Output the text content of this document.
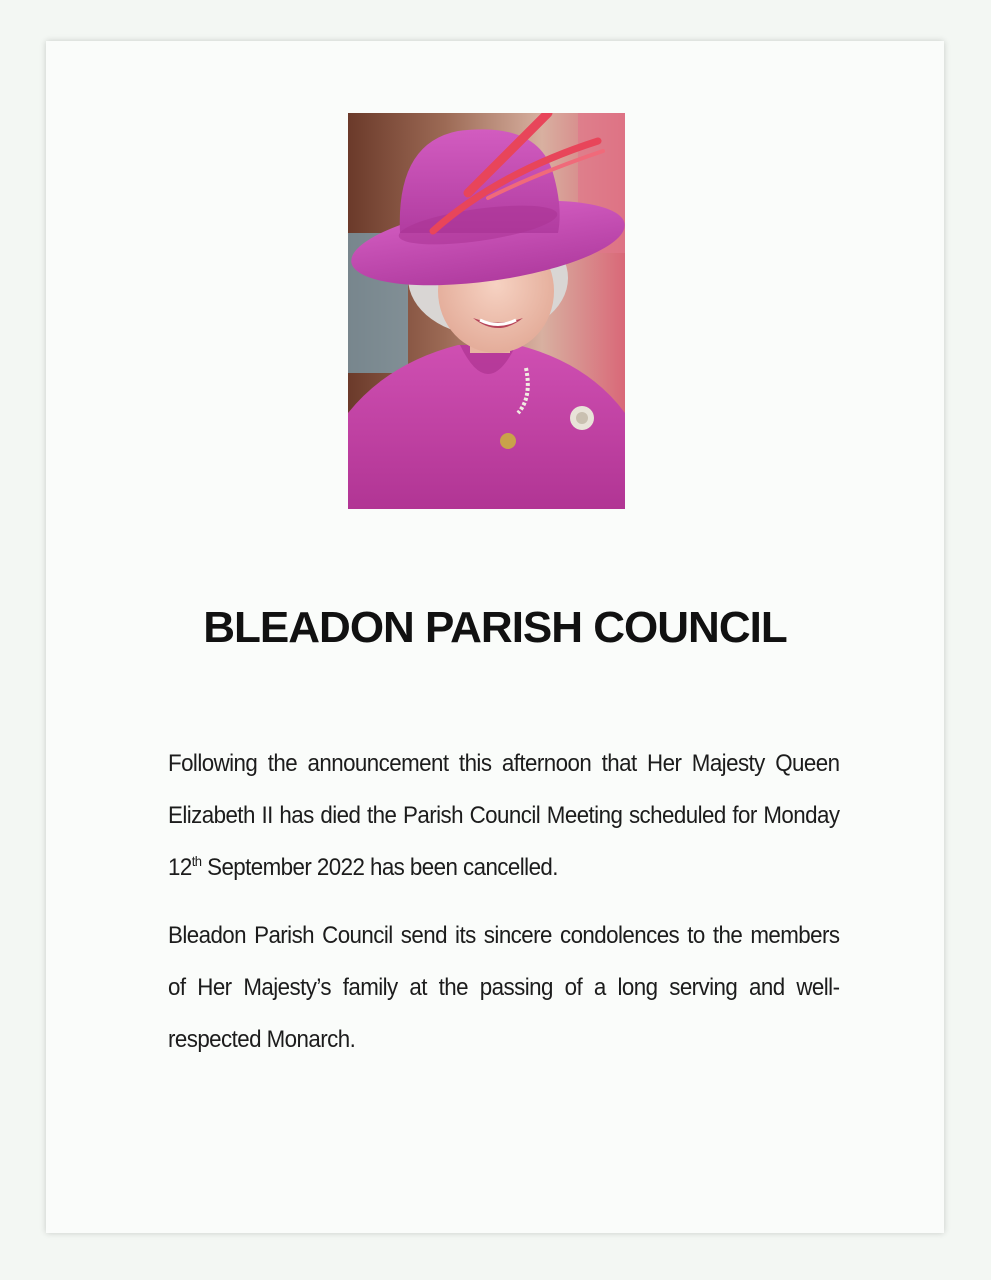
BLEADON PARISH COUNCIL

Following the announcement this afternoon that Her Majesty Queen Elizabeth II has died the Parish Council Meeting scheduled for Monday 12th September 2022 has been cancelled.

Bleadon Parish Council send its sincere condolences to the members of Her Majesty’s family at the passing of a long serving and well-respected Monarch.
